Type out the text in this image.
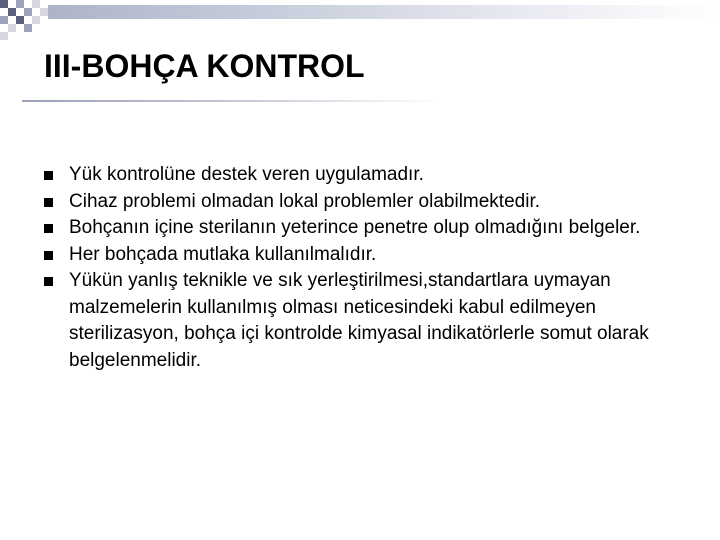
III-BOHÇA KONTROL
Yük kontrolüne destek veren uygulamadır.
Cihaz problemi olmadan lokal problemler olabilmektedir.
Bohçanın içine sterilanın yeterince penetre olup olmadığını belgeler.
Her bohçada mutlaka kullanılmalıdır.
Yükün yanlış teknikle ve sık yerleştirilmesi,standartlara uymayan malzemelerin kullanılmış olması neticesindeki kabul edilmeyen sterilizasyon, bohça içi kontrolde kimyasal indikatörlerle somut olarak belgelenmelidir.
